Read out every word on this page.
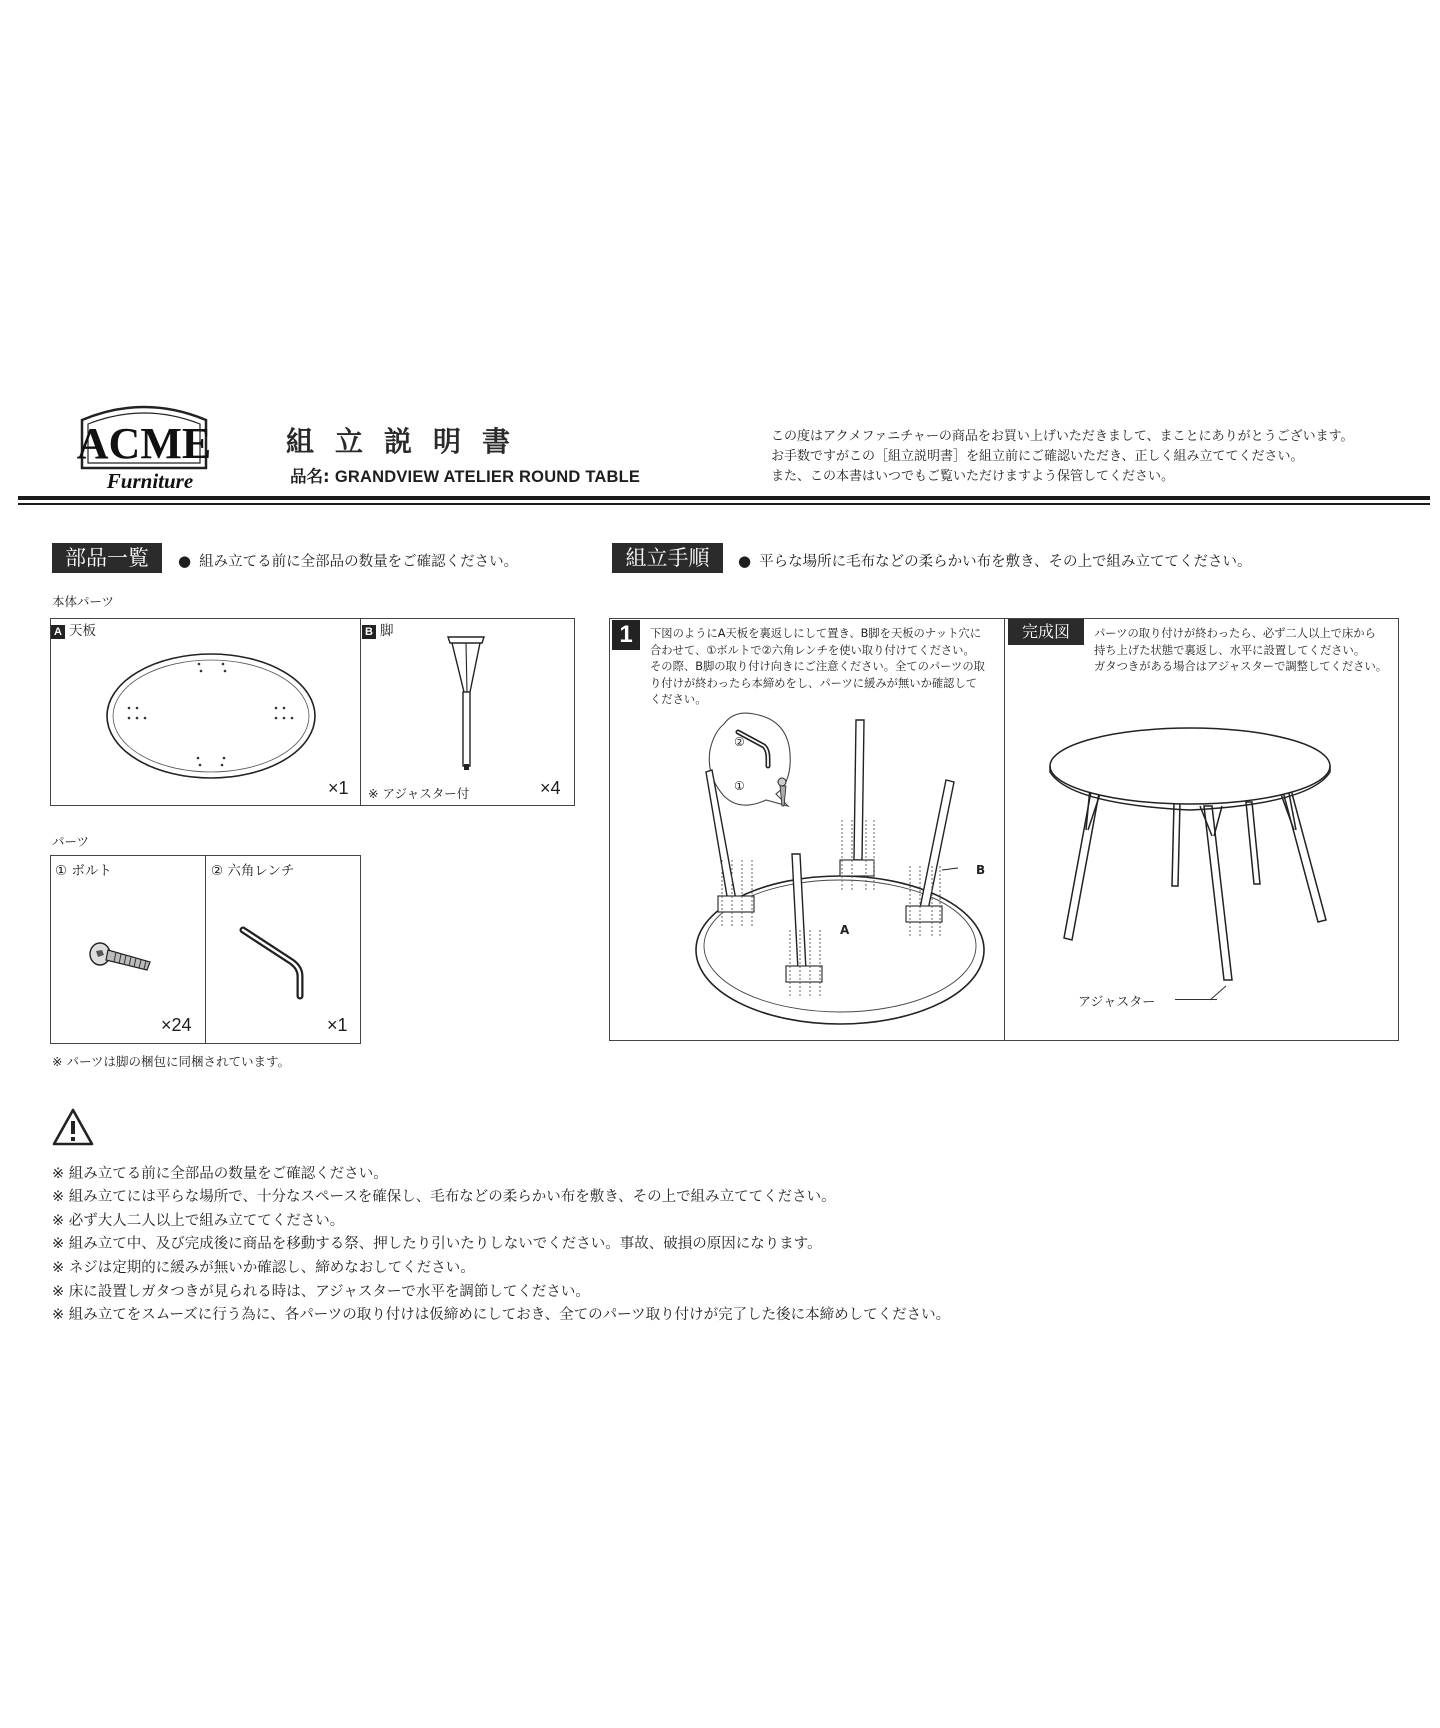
ACME
Furniture
組立説明書
品名: GRANDVIEW ATELIER ROUND TABLE
この度はアクメファニチャーの商品をお買い上げいただきまして、まことにありがとうございます。
お手数ですがこの［組立説明書］を組立前にご確認いただき、正しく組み立ててください。
また、この本書はいつでもご覧いただけますよう保管してください。
部品一覧	● 組み立てる前に全部品の数量をご確認ください。
本体パーツ
A 天板
×1
B 脚
※ アジャスター付	×4
パーツ
① ボルト
×24
② 六角レンチ
×1
※ パーツは脚の梱包に同梱されています。
組立手順	● 平らな場所に毛布などの柔らかい布を敷き、その上で組み立ててください。
1	下図のようにA天板を裏返しにして置き、B脚を天板のナット穴に
合わせて、①ボルトで②六角レンチを使い取り付けてください。
その際、B脚の取り付け向きにご注意ください。全てのパーツの取
り付けが終わったら本締めをし、パーツに緩みが無いか確認して
ください。
②
①
B
A
完成図	パーツの取り付けが終わったら、必ず二人以上で床から
持ち上げた状態で裏返し、水平に設置してください。
ガタつきがある場合はアジャスターで調整してください。
アジャスター
※ 組み立てる前に全部品の数量をご確認ください。
※ 組み立てには平らな場所で、十分なスペースを確保し、毛布などの柔らかい布を敷き、その上で組み立ててください。
※ 必ず大人二人以上で組み立ててください。
※ 組み立て中、及び完成後に商品を移動する祭、押したり引いたりしないでください。事故、破損の原因になります。
※ ネジは定期的に緩みが無いか確認し、締めなおしてください。
※ 床に設置しガタつきが見られる時は、アジャスターで水平を調節してください。
※ 組み立てをスムーズに行う為に、各パーツの取り付けは仮締めにしておき、全てのパーツ取り付けが完了した後に本締めしてください。
